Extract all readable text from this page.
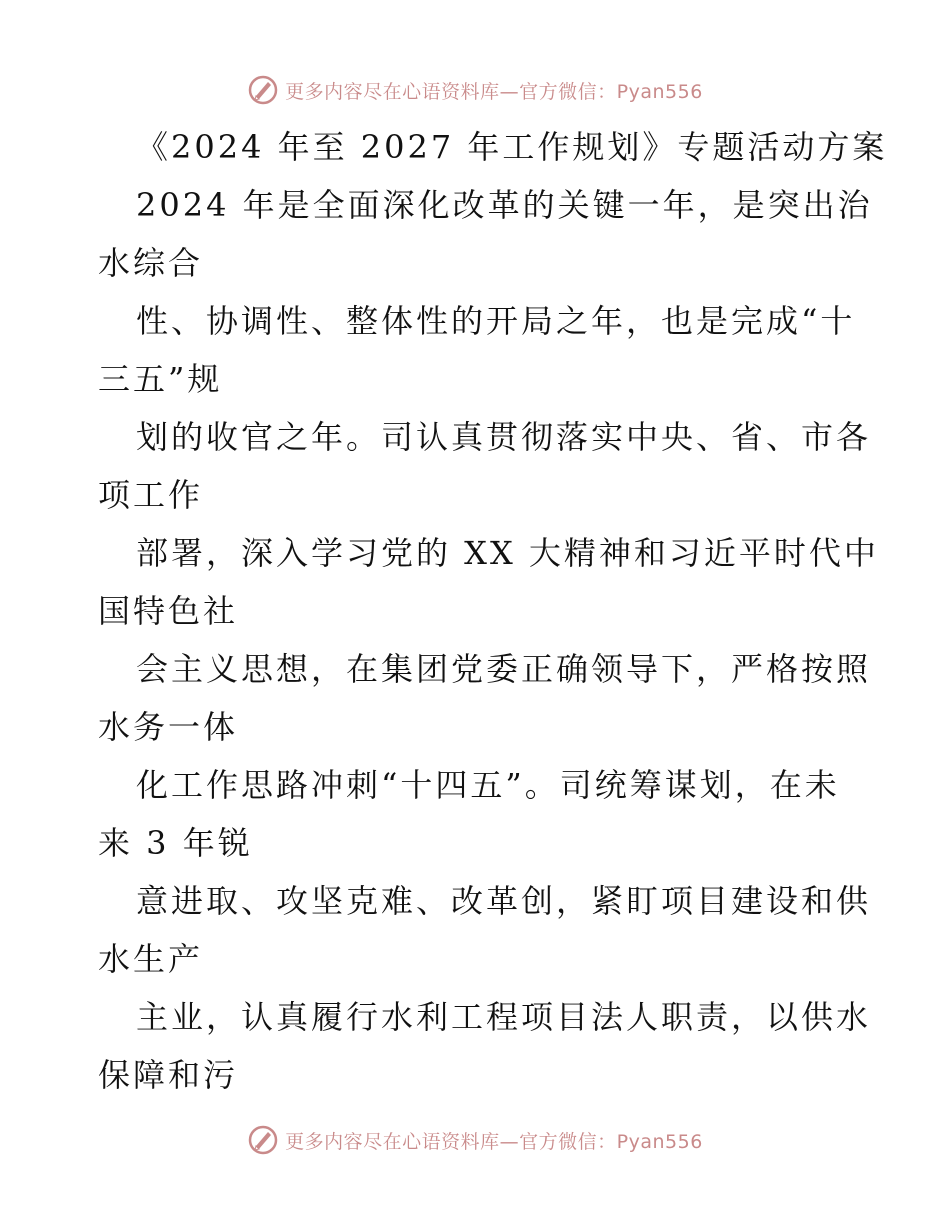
更多内容尽在心语资料库—官方微信：Pyan556
《2024 年至 2027 年工作规划》专题活动方案
2024 年是全面深化改革的关键一年，是突出治
水综合
性、协调性、整体性的开局之年，也是完成“十
三五”规
划的收官之年。司认真贯彻落实中央、省、市各
项工作
部署，深入学习党的 XX 大精神和习近平时代中
国特色社
会主义思想，在集团党委正确领导下，严格按照
水务一体
化工作思路冲刺“十四五”。司统筹谋划，在未
来 3 年锐
意进取、攻坚克难、改革创，紧盯项目建设和供
水生产
主业，认真履行水利工程项目法人职责，以供水
保障和污
更多内容尽在心语资料库—官方微信：Pyan556
